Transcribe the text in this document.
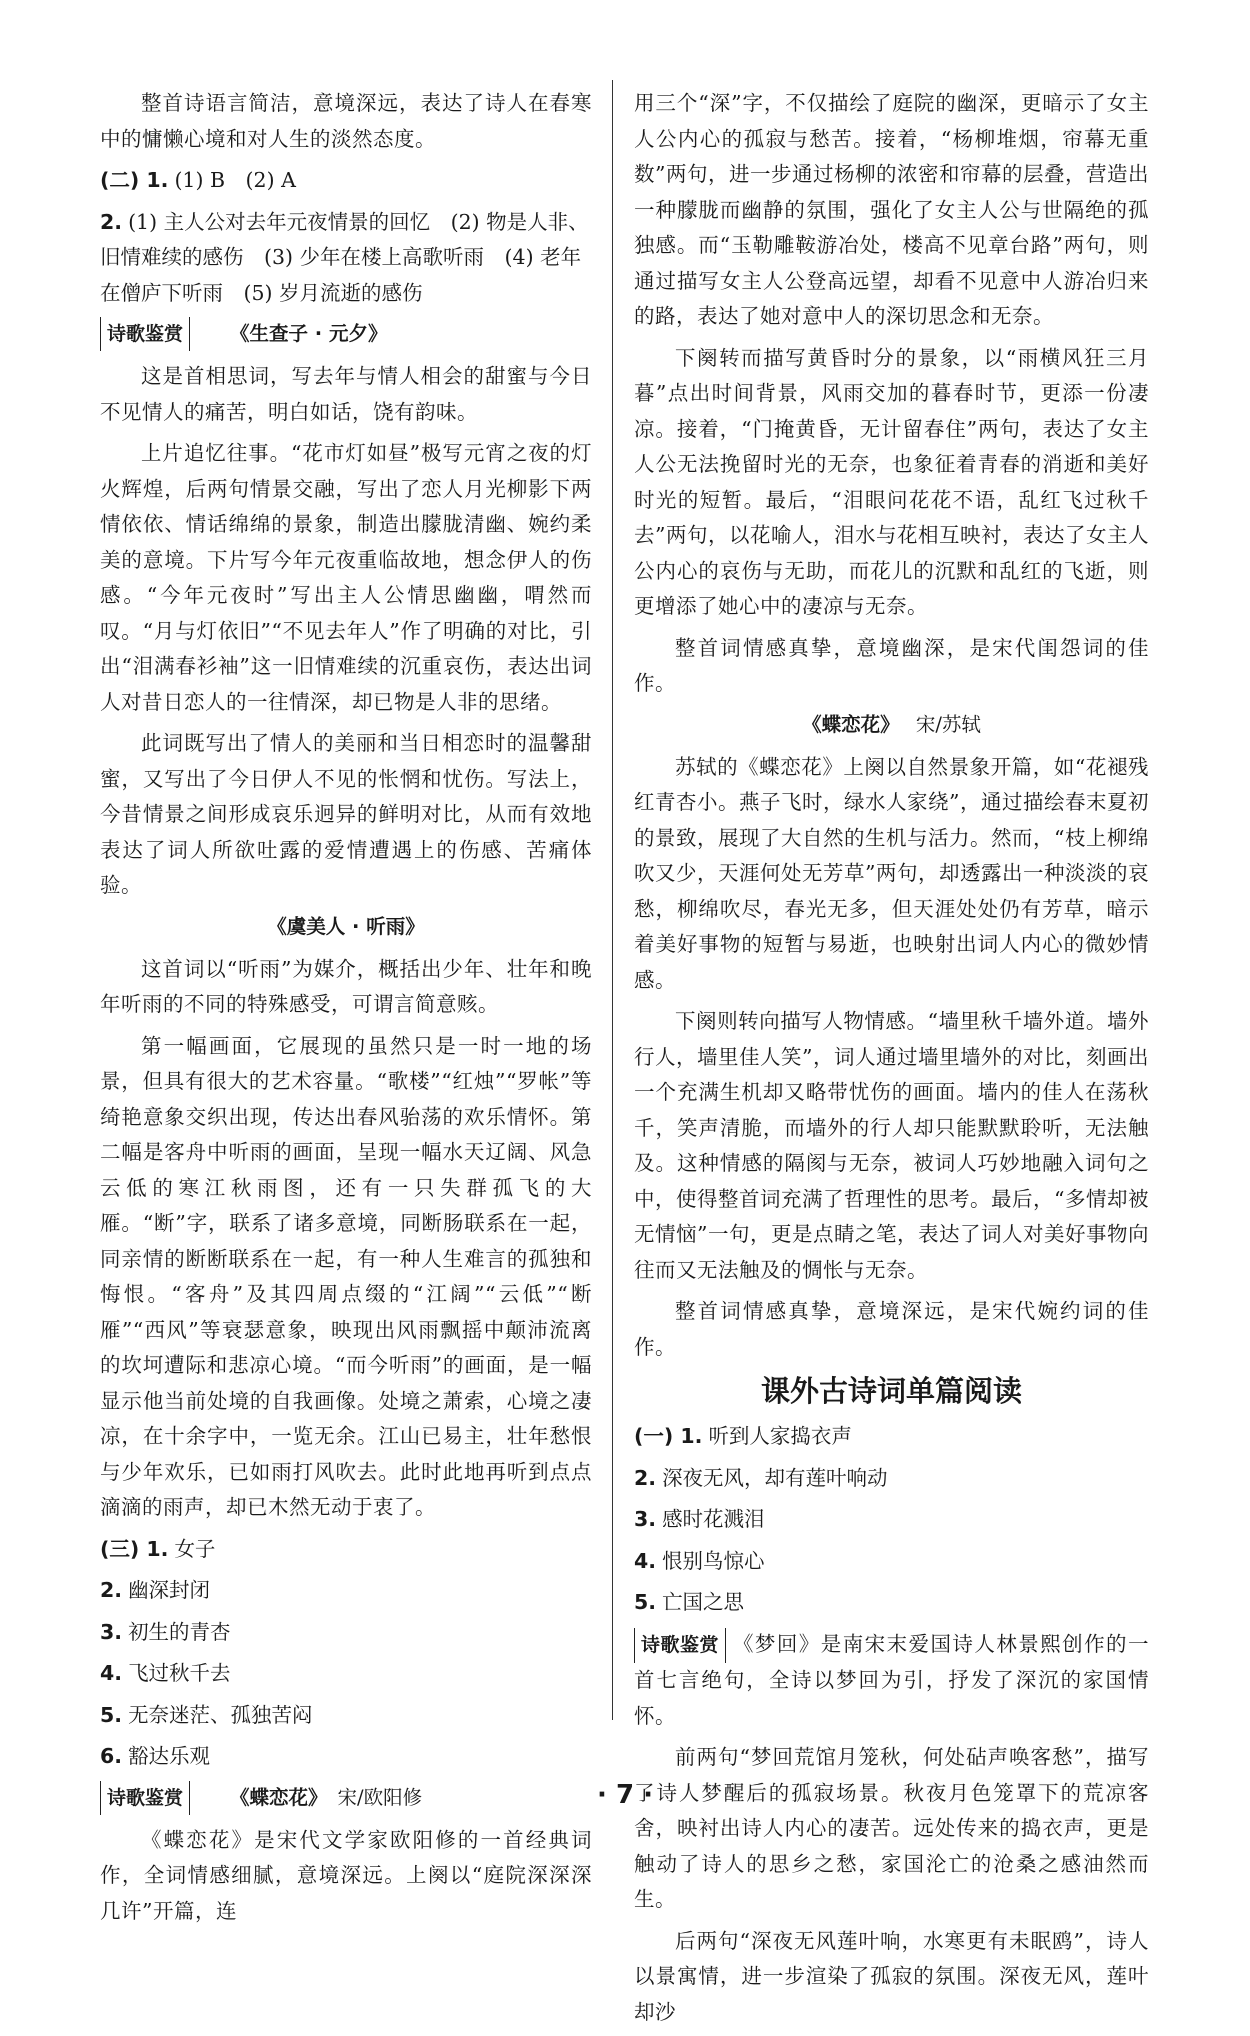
整首诗语言简洁，意境深远，表达了诗人在春寒中的慵懒心境和对人生的淡然态度。

(二) 1. (1) B　(2) A
2. (1) 主人公对去年元夜情景的回忆　(2) 物是人非、旧情难续的感伤　(3) 少年在楼上高歌听雨　(4) 老年在僧庐下听雨　(5) 岁月流逝的感伤
诗歌鉴赏	《生查子 · 元夕》

这是首相思词，写去年与情人相会的甜蜜与今日不见情人的痛苦，明白如话，饶有韵味。

上片追忆往事。“花市灯如昼”极写元宵之夜的灯火辉煌，后两句情景交融，写出了恋人月光柳影下两情依依、情话绵绵的景象，制造出朦胧清幽、婉约柔美的意境。下片写今年元夜重临故地，想念伊人的伤感。“今年元夜时”写出主人公情思幽幽，喟然而叹。“月与灯依旧”“不见去年人”作了明确的对比，引出“泪满春衫袖”这一旧情难续的沉重哀伤，表达出词人对昔日恋人的一往情深，却已物是人非的思绪。

此词既写出了情人的美丽和当日相恋时的温馨甜蜜，又写出了今日伊人不见的怅惘和忧伤。写法上，今昔情景之间形成哀乐迥异的鲜明对比，从而有效地表达了词人所欲吐露的爱情遭遇上的伤感、苦痛体验。

《虞美人 · 听雨》

这首词以“听雨”为媒介，概括出少年、壮年和晚年听雨的不同的特殊感受，可谓言简意赅。

第一幅画面，它展现的虽然只是一时一地的场景，但具有很大的艺术容量。“歌楼”“红烛”“罗帐”等绮艳意象交织出现，传达出春风骀荡的欢乐情怀。第二幅是客舟中听雨的画面，呈现一幅水天辽阔、风急云低的寒江秋雨图，还有一只失群孤飞的大雁。“断”字，联系了诸多意境，同断肠联系在一起，同亲情的断断联系在一起，有一种人生难言的孤独和悔恨。“客舟”及其四周点缀的“江阔”“云低”“断雁”“西风”等衰瑟意象，映现出风雨飘摇中颠沛流离的坎坷遭际和悲凉心境。“而今听雨”的画面，是一幅显示他当前处境的自我画像。处境之萧索，心境之凄凉，在十余字中，一览无余。江山已易主，壮年愁恨与少年欢乐，已如雨打风吹去。此时此地再听到点点滴滴的雨声，却已木然无动于衷了。

(三) 1. 女子
2. 幽深封闭
3. 初生的青杏
4. 飞过秋千去
5. 无奈迷茫、孤独苦闷
6. 豁达乐观
诗歌鉴赏	《蝶恋花》 宋/欧阳修

《蝶恋花》是宋代文学家欧阳修的一首经典词作，全词情感细腻，意境深远。上阕以“庭院深深深几许”开篇，连

用三个“深”字，不仅描绘了庭院的幽深，更暗示了女主人公内心的孤寂与愁苦。接着，“杨柳堆烟，帘幕无重数”两句，进一步通过杨柳的浓密和帘幕的层叠，营造出一种朦胧而幽静的氛围，强化了女主人公与世隔绝的孤独感。而“玉勒雕鞍游冶处，楼高不见章台路”两句，则通过描写女主人公登高远望，却看不见意中人游冶归来的路，表达了她对意中人的深切思念和无奈。

下阕转而描写黄昏时分的景象，以“雨横风狂三月暮”点出时间背景，风雨交加的暮春时节，更添一份凄凉。接着，“门掩黄昏，无计留春住”两句，表达了女主人公无法挽留时光的无奈，也象征着青春的消逝和美好时光的短暂。最后，“泪眼问花花不语，乱红飞过秋千去”两句，以花喻人，泪水与花相互映衬，表达了女主人公内心的哀伤与无助，而花儿的沉默和乱红的飞逝，则更增添了她心中的凄凉与无奈。

整首词情感真挚，意境幽深，是宋代闺怨词的佳作。

《蝶恋花》 宋/苏轼

苏轼的《蝶恋花》上阕以自然景象开篇，如“花褪残红青杏小。燕子飞时，绿水人家绕”，通过描绘春末夏初的景致，展现了大自然的生机与活力。然而，“枝上柳绵吹又少，天涯何处无芳草”两句，却透露出一种淡淡的哀愁，柳绵吹尽，春光无多，但天涯处处仍有芳草，暗示着美好事物的短暂与易逝，也映射出词人内心的微妙情感。

下阕则转向描写人物情感。“墙里秋千墙外道。墙外行人，墙里佳人笑”，词人通过墙里墙外的对比，刻画出一个充满生机却又略带忧伤的画面。墙内的佳人在荡秋千，笑声清脆，而墙外的行人却只能默默聆听，无法触及。这种情感的隔阂与无奈，被词人巧妙地融入词句之中，使得整首词充满了哲理性的思考。最后，“多情却被无情恼”一句，更是点睛之笔，表达了词人对美好事物向往而又无法触及的惆怅与无奈。

整首词情感真挚，意境深远，是宋代婉约词的佳作。

课外古诗词单篇阅读
(一) 1. 听到人家捣衣声
2. 深夜无风，却有莲叶响动
3. 感时花溅泪
4. 恨别鸟惊心
5. 亡国之思

诗歌鉴赏 《梦回》是南宋末爱国诗人林景熙创作的一首七言绝句，全诗以梦回为引，抒发了深沉的家国情怀。

前两句“梦回荒馆月笼秋，何处砧声唤客愁”，描写了诗人梦醒后的孤寂场景。秋夜月色笼罩下的荒凉客舍，映衬出诗人内心的凄苦。远处传来的捣衣声，更是触动了诗人的思乡之愁，家国沦亡的沧桑之感油然而生。

后两句“深夜无风莲叶响，水寒更有未眠鸥”，诗人以景寓情，进一步渲染了孤寂的氛围。深夜无风，莲叶却沙

· 7 ·
